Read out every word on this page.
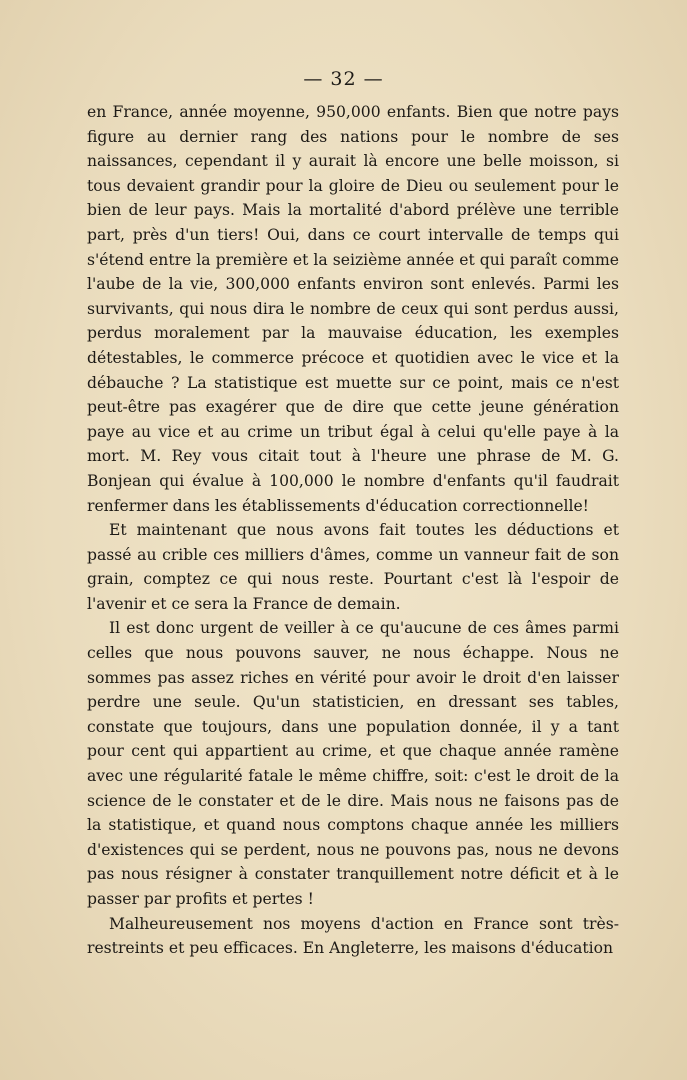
— 32 —

en France, année moyenne, 950,000 enfants. Bien que notre pays figure au dernier rang des nations pour le nombre de ses naissances, cependant il y aurait là encore une belle moisson, si tous devaient grandir pour la gloire de Dieu ou seulement pour le bien de leur pays. Mais la mortalité d'abord prélève une terrible part, près d'un tiers! Oui, dans ce court intervalle de temps qui s'étend entre la première et la seizième année et qui paraît comme l'aube de la vie, 300,000 enfants environ sont enlevés. Parmi les survivants, qui nous dira le nombre de ceux qui sont perdus aussi, perdus moralement par la mauvaise éducation, les exemples détestables, le commerce précoce et quotidien avec le vice et la débauche ? La statistique est muette sur ce point, mais ce n'est peut-être pas exagérer que de dire que cette jeune génération paye au vice et au crime un tribut égal à celui qu'elle paye à la mort. M. Rey vous citait tout à l'heure une phrase de M. G. Bonjean qui évalue à 100,000 le nombre d'enfants qu'il faudrait renfermer dans les établissements d'éducation correctionnelle!

Et maintenant que nous avons fait toutes les déductions et passé au crible ces milliers d'âmes, comme un vanneur fait de son grain, comptez ce qui nous reste. Pourtant c'est là l'espoir de l'avenir et ce sera la France de demain.

Il est donc urgent de veiller à ce qu'aucune de ces âmes parmi celles que nous pouvons sauver, ne nous échappe. Nous ne sommes pas assez riches en vérité pour avoir le droit d'en laisser perdre une seule. Qu'un statisticien, en dressant ses tables, constate que toujours, dans une population donnée, il y a tant pour cent qui appartient au crime, et que chaque année ramène avec une régularité fatale le même chiffre, soit: c'est le droit de la science de le constater et de le dire. Mais nous ne faisons pas de la statistique, et quand nous comptons chaque année les milliers d'existences qui se perdent, nous ne pouvons pas, nous ne devons pas nous résigner à constater tranquillement notre déficit et à le passer par profits et pertes !

Malheureusement nos moyens d'action en France sont très-restreints et peu efficaces. En Angleterre, les maisons d'éducation
